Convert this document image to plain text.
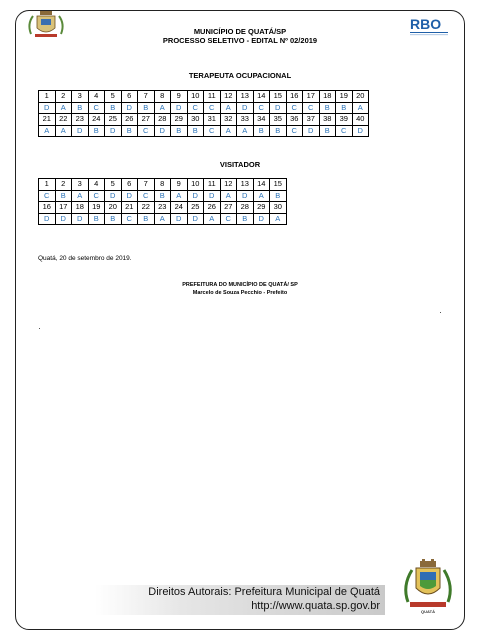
RBO
MUNICÍPIO DE QUATÁ/SP
PROCESSO SELETIVO - EDITAL Nº 02/2019
TERAPEUTA OCUPACIONAL
1	2	3	4	5	6	7	8	9	10	11	12	13	14	15	16	17	18	19	20
D	A	B	C	B	D	B	A	D	C	C	A	D	C	D	C	C	B	B	A
21	22	23	24	25	26	27	28	29	30	31	32	33	34	35	36	37	38	39	40
A	A	D	B	D	B	C	D	B	B	C	A	A	B	B	C	D	B	C	D
VISITADOR
1	2	3	4	5	6	7	8	9	10	11	12	13	14	15
C	B	A	C	D	D	C	B	A	D	D	A	D	A	B
16	17	18	19	20	21	22	23	24	25	26	27	28	29	30
D	D	D	B	B	C	B	A	D	D	A	C	B	D	A
Quatá, 20 de setembro de 2019.
PREFEITURA DO MUNICÍPIO DE QUATÁ/ SP
Marcelo de Souza Pecchio - Prefeito
Direitos Autorais: Prefeitura Municipal de Quatá
http://www.quata.sp.gov.br	QUATÁ
